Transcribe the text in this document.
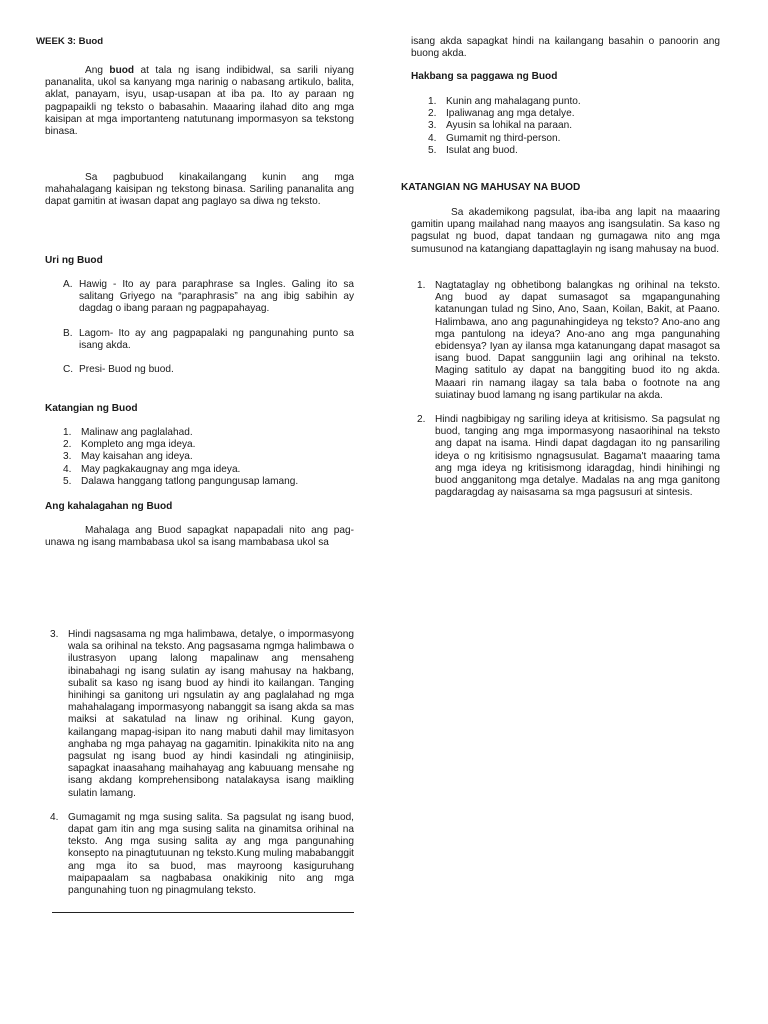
WEEK 3: Buod

Ang buod at tala ng isang indibidwal, sa sarili niyang pananalita, ukol sa kanyang mga narinig o nabasang artikulo, balita, aklat, panayam, isyu, usap-usapan at iba pa. Ito ay paraan ng pagpapaikli ng teksto o babasahin. Maaaring ilahad dito ang mga kaisipan at mga importanteng natutunang impormasyon sa tekstong binasa.

Sa pagbubuod kinakailangang kunin ang mga mahahalagang kaisipan ng tekstong binasa. Sariling pananalita ang dapat gamitin at iwasan dapat ang paglayo sa diwa ng teksto.

Uri ng Buod
A. Hawig - Ito ay para paraphrase sa Ingles. Galing ito sa salitang Griyego na “paraphrasis” na ang ibig sabihin ay dagdag o ibang paraan ng pagpapahayag.
B. Lagom- Ito ay ang pagpapalaki ng pangunahing punto sa isang akda.
C. Presi- Buod ng buod.
Katangian ng Buod
1. Malinaw ang paglalahad.
2. Kompleto ang mga ideya.
3. May kaisahan ang ideya.
4. May pagkakaugnay ang mga ideya.
5. Dalawa hanggang tatlong pangungusap lamang.
Ang kahalagahan ng Buod

Mahalaga ang Buod sapagkat napapadali nito ang pag-unawa ng isang mambabasa ukol sa isang mambabasa ukol sa

isang akda sapagkat hindi na kailangang basahin o panoorin ang buong akda.

Hakbang sa paggawa ng Buod
1. Kunin ang mahalagang punto.
2. Ipaliwanag ang mga detalye.
3. Ayusin sa lohikal na paraan.
4. Gumamit ng third-person.
5. Isulat ang buod.
KATANGIAN NG MAHUSAY NA BUOD

Sa akademikong pagsulat, iba-iba ang lapit na maaaring gamitin upang mailahad nang maayos ang isangsulatin. Sa kaso ng pagsulat ng buod, dapat tandaan ng gumagawa nito ang mga sumusunod na katangiang dapattaglayin ng isang mahusay na buod.

1. Nagtataglay ng obhetibong balangkas ng orihinal na teksto. Ang buod ay dapat sumasagot sa mgapangunahing katanungan tulad ng Sino, Ano, Saan, Koilan, Bakit, at Paano. Halimbawa, ano ang pagunahingideya ng teksto? Ano-ano ang mga pantulong na ideya? Ano-ano ang mga pangunahing ebidensya? Iyan ay ilansa mga katanungang dapat masagot sa isang buod. Dapat sangguniin lagi ang orihinal na teksto. Maging satitulo ay dapat na banggiting buod ito ng akda. Maaari rin namang ilagay sa tala baba o footnote na ang suiatinay buod lamang ng isang partikular na akda.
2. Hindi nagbibigay ng sariling ideya at kritisismo. Sa pagsulat ng buod, tanging ang mga impormasyong nasaorihinal na teksto ang dapat na isama. Hindi dapat dagdagan ito ng pansariling ideya o ng kritisismo ngnagsusulat. Bagama't maaaring tama ang mga ideya ng kritisismong idaragdag, hindi hinihingi ng buod angganitong mga detalye. Madalas na ang mga ganitong pagdaragdag ay naisasama sa mga pagsusuri at sintesis.
3. Hindi nagsasama ng mga halimbawa, detalye, o impormasyong wala sa orihinal na teksto. Ang pagsasama ngmga halimbawa o ilustrasyon upang lalong mapalinaw ang mensaheng ibinabahagi ng isang sulatin ay isang mahusay na hakbang, subalit sa kaso ng isang buod ay hindi ito kailangan. Tanging hinihingi sa ganitong uri ngsulatin ay ang paglalahad ng mga mahahalagang impormasyong nabanggit sa isang akda sa mas maiksi at sakatulad na linaw ng orihinal. Kung gayon, kailangang mapag-isipan ito nang mabuti dahil may limitasyon anghaba ng mga pahayag na gagamitin. Ipinakikita nito na ang pagsulat ng isang buod ay hindi kasindali ng atinginiisip, sapagkat inaasahang maihahayag ang kabuuang mensahe ng isang akdang komprehensibong natalakaysa isang maikling sulatin lamang.
4. Gumagamit ng mga susing salita. Sa pagsulat ng isang buod, dapat gam itin ang mga susing salita na ginamitsa orihinal na teksto. Ang mga susing salita ay ang mga pangunahing konsepto na pinagtutuunan ng teksto.Kung muling mababanggit ang mga ito sa buod, mas mayroong kasiguruhang maipapaalam sa nagbabasa onakikinig nito ang mga pangunahing tuon ng pinagmulang teksto.
